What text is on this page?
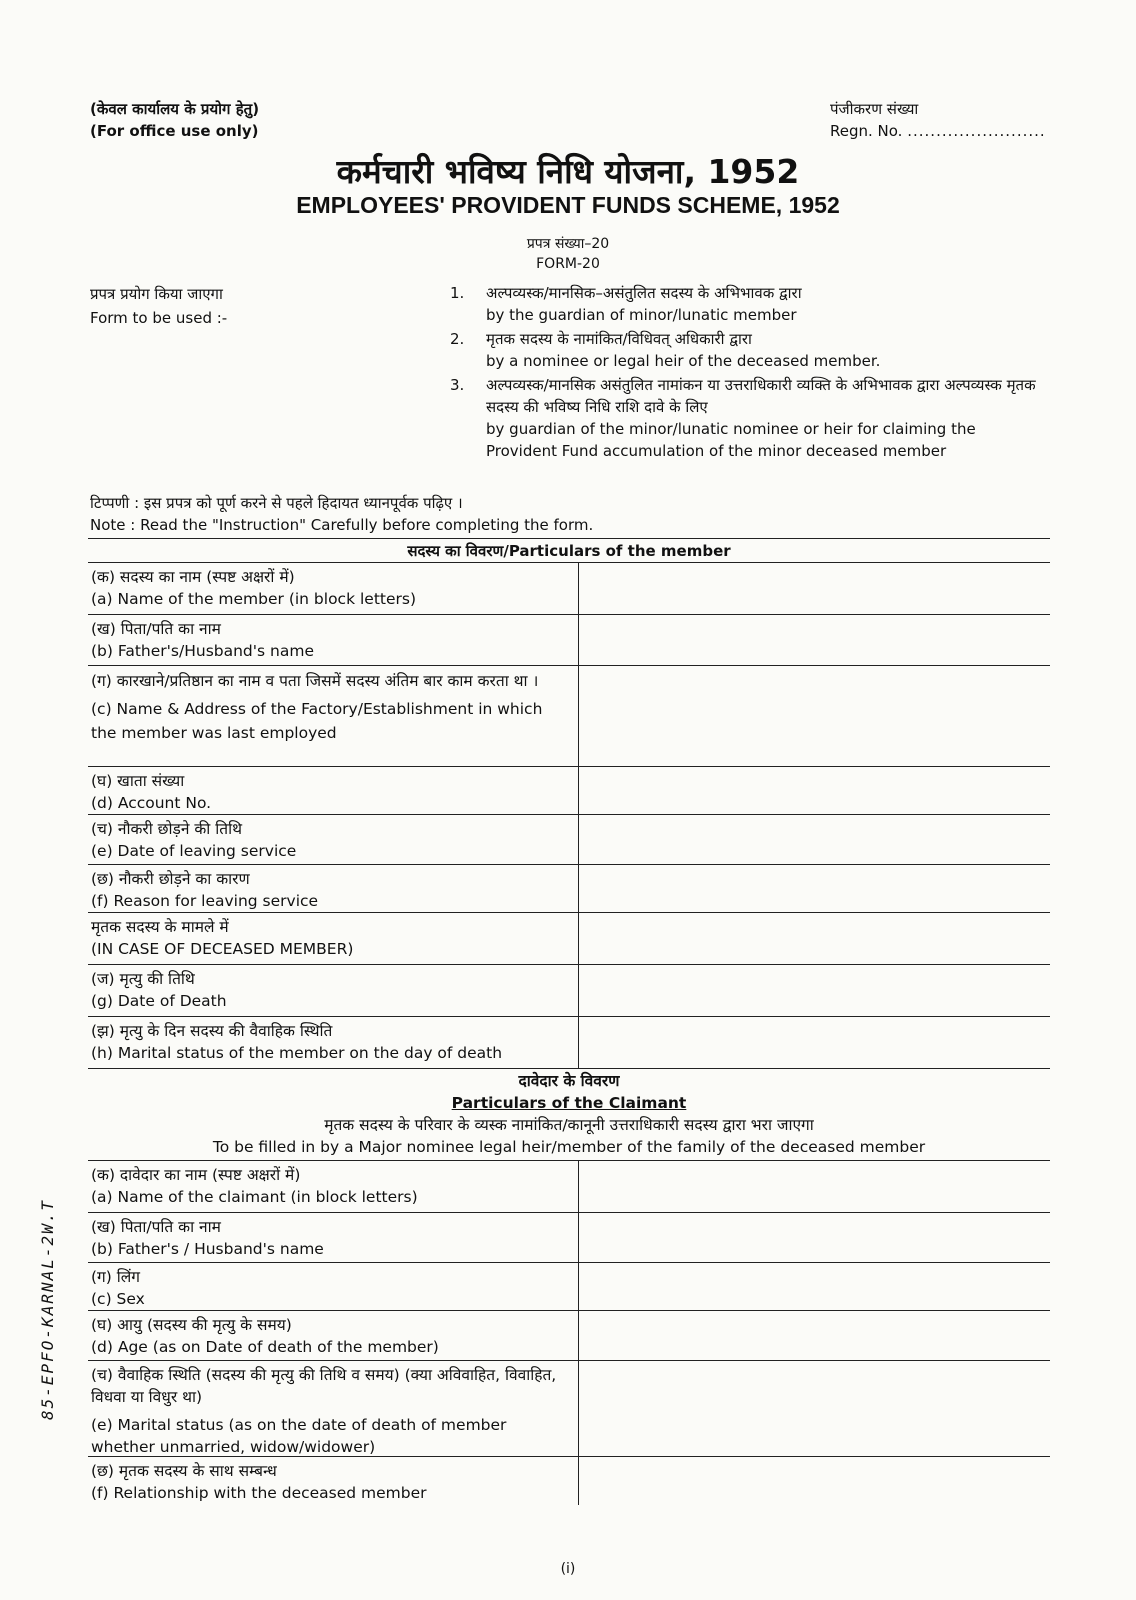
(केवल कार्यालय के प्रयोग हेतु)
(For office use only)
पंजीकरण संख्या
Regn. No. ........................
कर्मचारी भविष्य निधि योजना, 1952
EMPLOYEES' PROVIDENT FUNDS SCHEME, 1952
प्रपत्र संख्या–20
FORM-20
प्रपत्र प्रयोग किया जाएगा
Form to be used :-
1.	अल्पव्यस्क/मानसिक–असंतुलित सदस्य के अभिभावक द्वारा
by the guardian of minor/lunatic member
2.	मृतक सदस्य के नामांकित/विधिवत् अधिकारी द्वारा
by a nominee or legal heir of the deceased member.
3.	अल्पव्यस्क/मानसिक असंतुलित नामांकन या उत्तराधिकारी व्यक्ति के अभिभावक द्वारा अल्पव्यस्क मृतक सदस्य की भविष्य निधि राशि दावे के लिए
by guardian of the minor/lunatic nominee or heir for claiming the Provident Fund accumulation of the minor deceased member
टिप्पणी : इस प्रपत्र को पूर्ण करने से पहले हिदायत ध्यानपूर्वक पढ़िए ।
Note : Read the "Instruction" Carefully before completing the form.
सदस्य का विवरण/Particulars of the member
(क) सदस्य का नाम (स्पष्ट अक्षरों में)
(a) Name of the member (in block letters)
(ख) पिता/पति का नाम
(b) Father's/Husband's name
(ग) कारखाने/प्रतिष्ठान का नाम व पता जिसमें सदस्य अंतिम बार काम करता था ।
(c) Name & Address of the Factory/Establishment in which the member was last employed
(घ) खाता संख्या
(d) Account No.
(च) नौकरी छोड़ने की तिथि
(e) Date of leaving service
(छ) नौकरी छोड़ने का कारण
(f) Reason for leaving service
मृतक सदस्य के मामले में
(IN CASE OF DECEASED MEMBER)
(ज) मृत्यु की तिथि
(g) Date of Death
(झ) मृत्यु के दिन सदस्य की वैवाहिक स्थिति
(h) Marital status of the member on the day of death
दावेदार के विवरण
Particulars of the Claimant
मृतक सदस्य के परिवार के व्यस्क नामांकित/कानूनी उत्तराधिकारी सदस्य द्वारा भरा जाएगा
To be filled in by a Major nominee legal heir/member of the family of the deceased member
(क) दावेदार का नाम (स्पष्ट अक्षरों में)
(a) Name of the claimant (in block letters)
(ख) पिता/पति का नाम
(b) Father's / Husband's name
(ग) लिंग
(c) Sex
(घ) आयु (सदस्य की मृत्यु के समय)
(d) Age (as on Date of death of the member)
(च) वैवाहिक स्थिति (सदस्य की मृत्यु की तिथि व समय) (क्या अविवाहित, विवाहित, विधवा या विधुर था)
(e) Marital status (as on the date of death of member whether unmarried, widow/widower)
(छ) मृतक सदस्य के साथ सम्बन्ध
(f) Relationship with the deceased member
(i)
85-EPFO-KARNAL-2W.T
